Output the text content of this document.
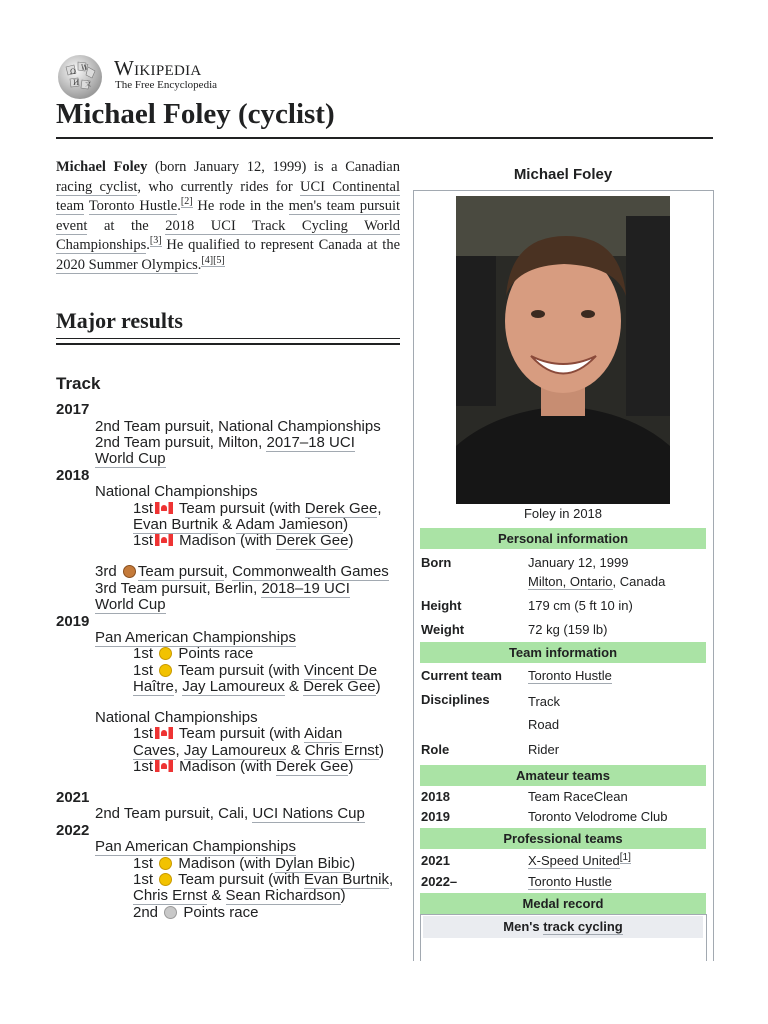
Ω W
И 文
Wikipedia
The Free Encyclopedia
Michael Foley (cyclist)

Michael Foley (born January 12, 1999) is a Canadian racing cyclist, who currently rides for UCI Continental team Toronto Hustle.[2] He rode in the men's team pursuit event at the 2018 UCI Track Cycling World Championships.[3] He qualified to represent Canada at the 2020 Summer Olympics.[4][5]

Major results
Track
2017
2nd Team pursuit, National Championships
2nd Team pursuit, Milton, 2017–18 UCI
World Cup
2018
National Championships
1st
Team pursuit (with Derek Gee,
Evan Burtnik & Adam Jamieson)
1st
Madison (with Derek Gee)
3rd Team pursuit, Commonwealth Games
3rd Team pursuit, Berlin, 2018–19 UCI
World Cup
2019
Pan American Championships
1st  Points race
1st  Team pursuit (with Vincent De
Haître, Jay Lamoureux & Derek Gee)
National Championships
1st
Team pursuit (with Aidan
Caves, Jay Lamoureux & Chris Ernst)
1st
Madison (with Derek Gee)
2021
2nd Team pursuit, Cali, UCI Nations Cup
2022
Pan American Championships
1st  Madison (with Dylan Bibic)
1st  Team pursuit (with Evan Burtnik,
Chris Ernst & Sean Richardson)
2nd  Points race
Michael Foley
Foley in 2018
Personal information
Born	January 12, 1999
Milton, Ontario, Canada
Height	179 cm (5 ft 10 in)
Weight	72 kg (159 lb)
Team information
Current team Toronto Hustle
Disciplines	Track
Road
Role	Rider
Amateur teams
2018	Team RaceClean
2019	Toronto Velodrome Club
Professional teams
2021	X-Speed United[1]
2022–	Toronto Hustle
Medal record
Men's track cycling
